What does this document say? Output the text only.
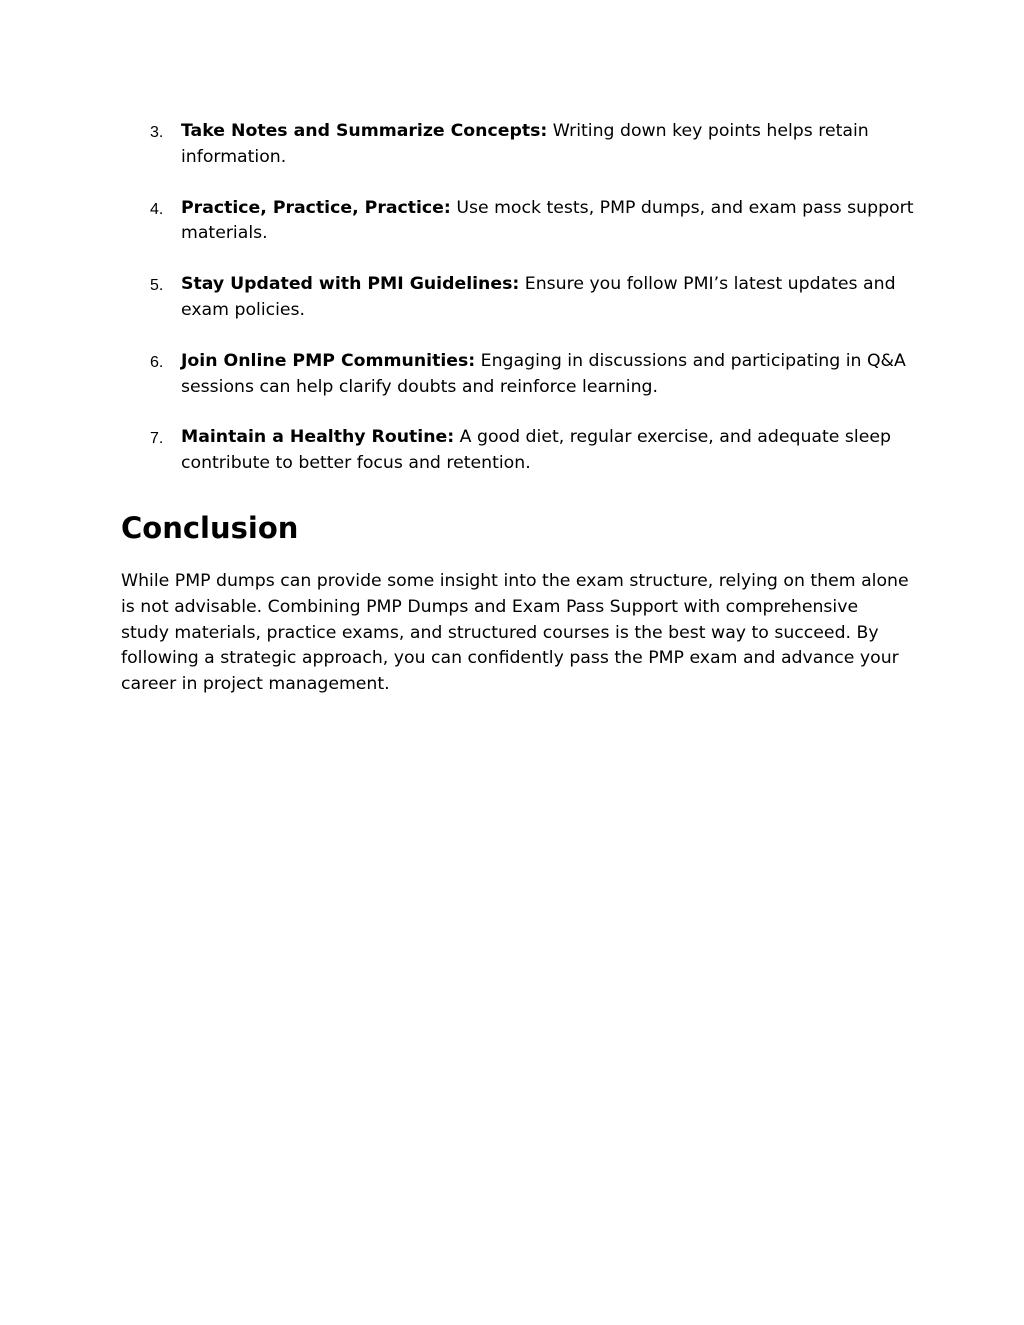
3. Take Notes and Summarize Concepts: Writing down key points helps retain information.
4. Practice, Practice, Practice: Use mock tests, PMP dumps, and exam pass support materials.
5. Stay Updated with PMI Guidelines: Ensure you follow PMI’s latest updates and exam policies.
6. Join Online PMP Communities: Engaging in discussions and participating in Q&A sessions can help clarify doubts and reinforce learning.
7. Maintain a Healthy Routine: A good diet, regular exercise, and adequate sleep contribute to better focus and retention.
Conclusion

While PMP dumps can provide some insight into the exam structure, relying on them alone is not advisable. Combining PMP Dumps and Exam Pass Support with comprehensive study materials, practice exams, and structured courses is the best way to succeed. By following a strategic approach, you can confidently pass the PMP exam and advance your career in project management.
